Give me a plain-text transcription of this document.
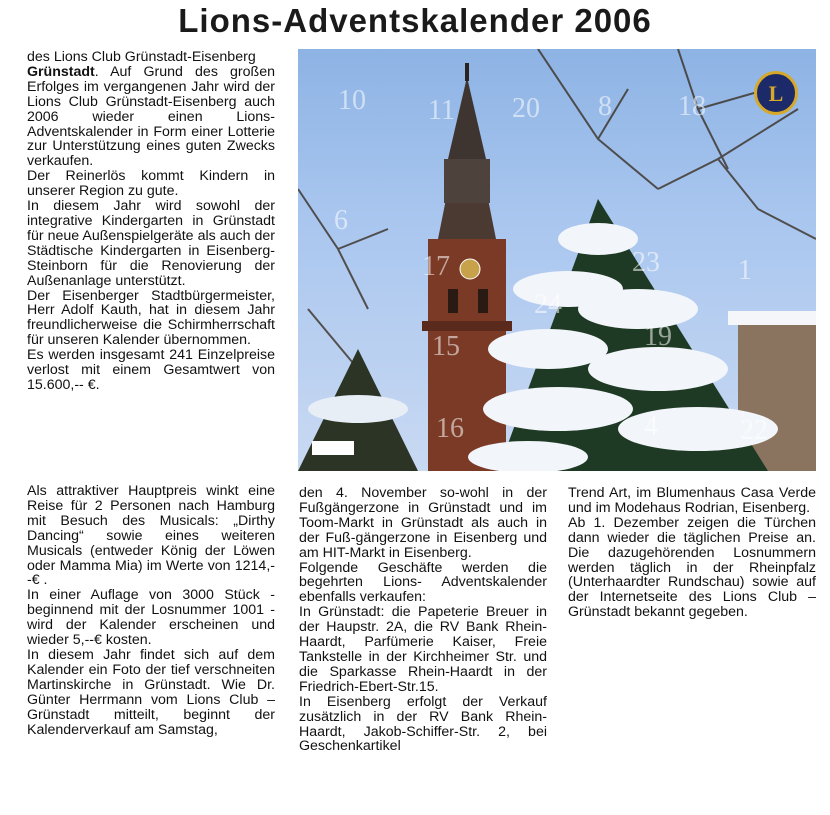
Lions-Adventskalender 2006

des Lions Club Grünstadt-Eisenberg

Grünstadt. Auf Grund des großen Erfolges im vergangenen Jahr wird der Lions Club Grünstadt-Eisenberg auch 2006 wieder einen Lions-Adventskalender in Form einer Lotterie zur Unterstützung eines guten Zwecks verkaufen.

Der Reinerlös kommt Kindern in unserer Region zu gute.

In diesem Jahr wird sowohl der integrative Kindergarten in Grünstadt für neue Außenspielgeräte als auch der Städtische Kindergarten in Eisenberg-Steinborn für die Renovierung der Außenanlage unterstützt.

Der Eisenberger Stadtbürgermeister, Herr Adolf Kauth, hat in diesem Jahr freundlicherweise die Schirmherrschaft für unseren Kalender übernommen.

Es werden insgesamt 241 Einzelpreise verlost mit einem Gesamtwert von 15.600,-- €.

Als attraktiver Hauptpreis winkt eine Reise für 2 Personen nach Hamburg mit Besuch des Musicals: „Dirthy Dancing“ sowie eines weiteren Musicals (entweder König der Löwen oder Mamma Mia) im Werte von 1214,--€ .

In einer Auflage von 3000 Stück - beginnend mit der Losnummer 1001 - wird der Kalender erscheinen und wieder 5,--€ kosten.

In diesem Jahr findet sich auf dem Kalender ein Foto der tief verschneiten Martinskirche in Grünstadt. Wie Dr. Günter Herrmann vom Lions Club – Grünstadt mitteilt, beginnt der Kalenderverkauf am Samstag,

10 11 20 8 18
6
1
17	23
15	19
16	4
24
22
L

den 4. November so-wohl in der Fußgängerzone in Grünstadt und im Toom-Markt in Grünstadt als auch in der Fuß-gängerzone in Eisenberg und am HIT-Markt in Eisenberg.

Folgende Geschäfte werden die begehrten Lions- Adventskalender ebenfalls verkaufen:

In Grünstadt: die Papeterie Breuer in der Haupstr. 2A, die RV Bank Rhein-Haardt, Parfümerie Kaiser, Freie Tankstelle in der Kirchheimer Str. und die Sparkasse Rhein-Haardt in der Friedrich-Ebert-Str.15.

In Eisenberg erfolgt der Verkauf zusätzlich in der RV Bank Rhein-Haardt, Jakob-Schiffer-Str. 2, bei Geschenkartikel

Trend Art, im Blumenhaus Casa Verde und im Modehaus Rodrian, Eisenberg.

Ab 1. Dezember zeigen die Türchen dann wieder die täglichen Preise an. Die dazugehörenden Losnummern werden täglich in der Rheinpfalz (Unterhaardter Rundschau) sowie auf der Internetseite des Lions Club –Grünstadt bekannt gegeben.
